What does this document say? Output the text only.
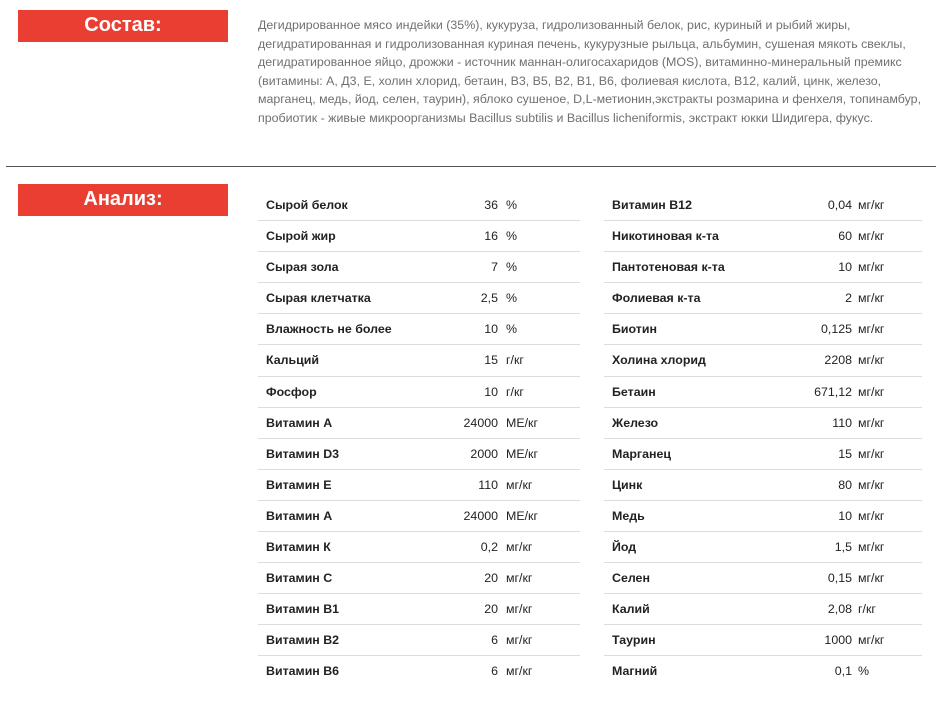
Состав:	Дегидрированное мясо индейки (35%), кукуруза, гидролизованный белок, рис, куриный и рыбий жиры, дегидратированная и гидролизованная куриная печень, кукурузные рыльца, альбумин, сушеная мякоть свеклы, дегидратированное яйцо, дрожжи - источник маннан-олигосахаридов (MOS), витаминно-минеральный премикс (витамины: А, Д3, Е, холин хлорид, бетаин, В3, В5, В2, В1, В6, фолиевая кислота, В12, калий, цинк, железо, марганец, медь, йод, селен, таурин), яблоко сушеное, D,L-метионин,экстракты розмарина и фенхеля, топинамбур, пробиотик - живые микроорганизмы Bacillus subtilis и Bacillus licheniformis, экстракт юкки Шидигера, фукус.
Анализ:	Сырой белок	36 %
Сырой жир	16 %
Сырая зола	7 %
Сырая клетчатка	2,5 %
Влажность не более	10 %
Кальций	15 г/кг
Фосфор	10 г/кг
Витамин А	24000 МЕ/кг
Витамин D3	2000 МЕ/кг
Витамин Е	110 мг/кг
Витамин А	24000 МЕ/кг
Витамин К	0,2 мг/кг
Витамин С	20 мг/кг
Витамин В1	20 мг/кг
Витамин В2	6 мг/кг
Витамин В6	6 мг/кг
Витамин В12	0,04 мг/кг
Никотиновая к-та	60 мг/кг
Пантотеновая к-та	10 мг/кг
Фолиевая к-та	2 мг/кг
Биотин	0,125 мг/кг
Холина хлорид	2208 мг/кг
Бетаин	671,12 мг/кг
Железо	110 мг/кг
Марганец	15 мг/кг
Цинк	80 мг/кг
Медь	10 мг/кг
Йод	1,5 мг/кг
Селен	0,15 мг/кг
Калий	2,08 г/кг
Таурин	1000 мг/кг
Магний	0,1 %
